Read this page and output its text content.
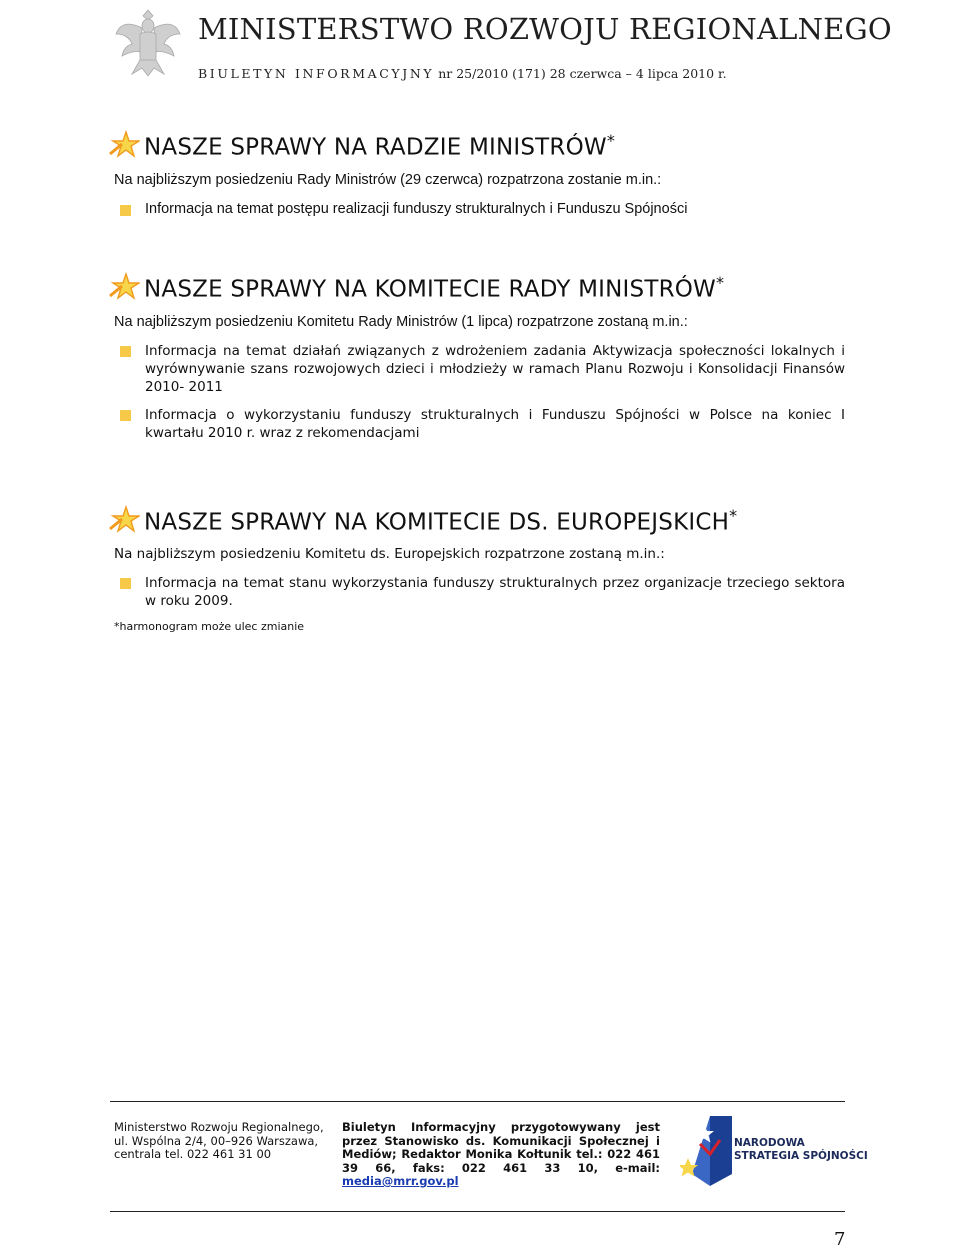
MINISTERSTWO ROZWOJU REGIONALNEGO
BIULETYN INFORMACYJNY nr 25/2010 (171) 28 czerwca – 4 lipca 2010 r.
NASZE SPRAWY NA RADZIE MINISTRÓW*
Na najbliższym posiedzeniu Rady Ministrów (29 czerwca) rozpatrzona zostanie m.in.:
Informacja na temat postępu realizacji funduszy strukturalnych i Funduszu Spójności
NASZE SPRAWY NA KOMITECIE RADY MINISTRÓW*
Na najbliższym posiedzeniu Komitetu Rady Ministrów (1 lipca) rozpatrzone zostaną m.in.:
Informacja na temat działań związanych z wdrożeniem zadania Aktywizacja społeczności lokalnych i wyrównywanie szans rozwojowych dzieci i młodzieży w ramach Planu Rozwoju i Konsolidacji Finansów 2010- 2011
Informacja o wykorzystaniu funduszy strukturalnych i Funduszu Spójności w Polsce na koniec I kwartału 2010 r. wraz z rekomendacjami
NASZE SPRAWY NA KOMITECIE DS. EUROPEJSKICH*
Na najbliższym posiedzeniu Komitetu ds. Europejskich rozpatrzone zostaną m.in.:
Informacja na temat stanu wykorzystania funduszy strukturalnych przez organizacje trzeciego sektora w roku 2009.
*harmonogram może ulec zmianie
Ministerstwo Rozwoju Regionalnego,
ul. Wspólna 2/4, 00–926 Warszawa,
centrala tel. 022 461 31 00
Biuletyn Informacyjny przygotowywany jest przez Stanowisko ds. Komunikacji Społecznej i Mediów; Redaktor Monika Kołtunik tel.: 022 461 39 66, faks: 022 461 33 10, e-mail: media@mrr.gov.pl
NARODOWA
STRATEGIA SPÓJNOŚCI
7
